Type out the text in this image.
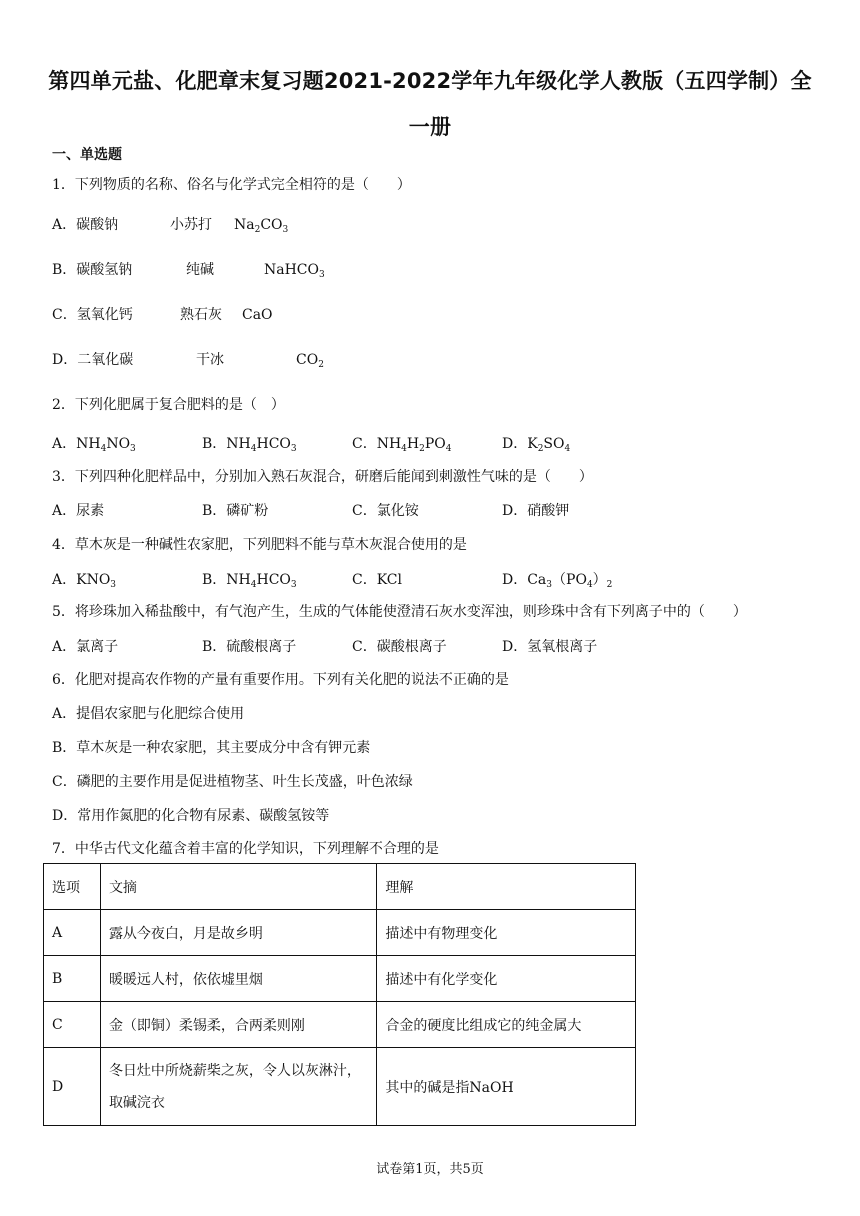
第四单元盐、化肥章末复习题2021-2022学年九年级化学人教版（五四学制）全
一册
一、单选题
1．下列物质的名称、俗名与化学式完全相符的是（　　）
A．碳酸钠	小苏打 $Na_2CO_3$
B．碳酸氢钠	纯碱	NaHCO$_3$
C．氢氧化钙	熟石灰 CaO
D．二氧化碳	干冰	$CO_2$
2．下列化肥属于复合肥料的是（　）
A．$NH_4NO_3$	B．$NH_4HCO_3$	C．$NH_4H_2PO_4$	D．$K_2SO_4$
3．下列四种化肥样品中，分别加入熟石灰混合，研磨后能闻到刺激性气味的是（　　）
A．尿素	B．磷矿粉	C．氯化铵	D．硝酸钾
4．草木灰是一种碱性农家肥，下列肥料不能与草木灰混合使用的是
A．$KNO_3$	B．$NH_4HCO_3$	C．KCl	D．$Ca_3(PO_4)_2$
5．将珍珠加入稀盐酸中，有气泡产生，生成的气体能使澄清石灰水变浑浊，则珍珠中含有下列离子中的（　　）
A．氯离子	B．硫酸根离子	C．碳酸根离子	D．氢氧根离子
6．化肥对提高农作物的产量有重要作用。下列有关化肥的说法不正确的是
A．提倡农家肥与化肥综合使用
B．草木灰是一种农家肥，其主要成分中含有钾元素
C．磷肥的主要作用是促进植物茎、叶生长茂盛，叶色浓绿
D．常用作氮肥的化合物有尿素、碳酸氢铵等
7．中华古代文化蕴含着丰富的化学知识，下列理解不合理的是
选项	文摘	理解
A	露从今夜白，月是故乡明	描述中有物理变化
B	暖暖远人村，依依墟里烟	描述中有化学变化
C	金（即铜）柔锡柔，合两柔则刚	合金的硬度比组成它的纯金属大
D	冬日灶中所烧薪柴之灰，令人以灰淋汁，
取碱浣衣	其中的碱是指NaOH
试卷第1页，共5页
